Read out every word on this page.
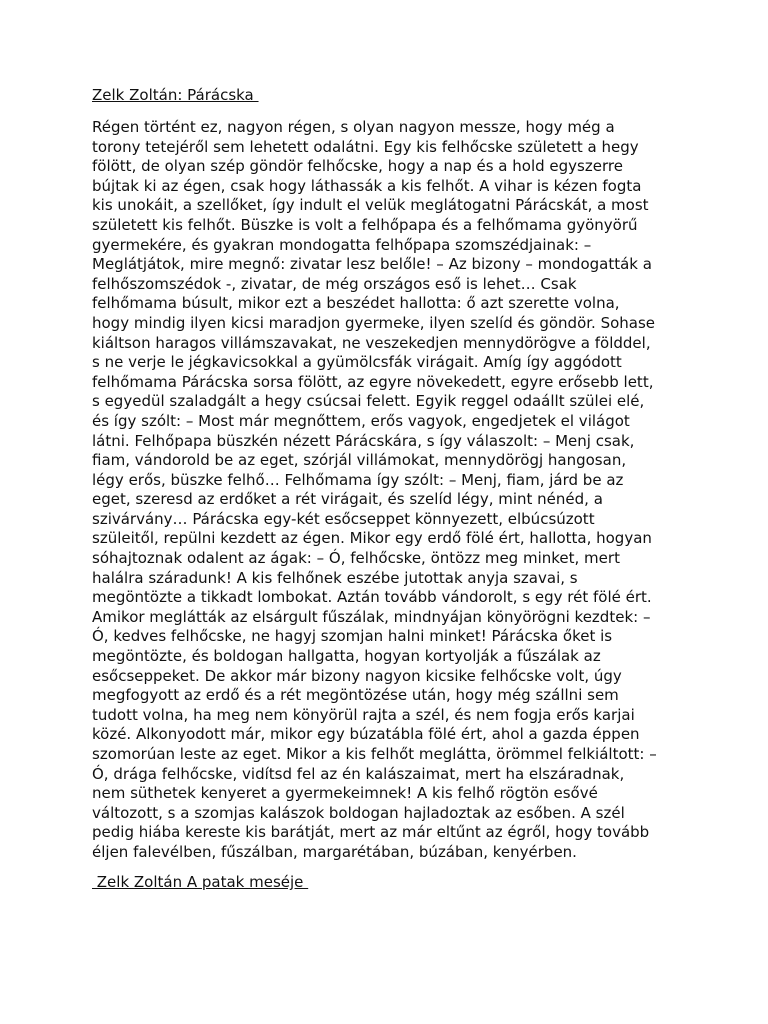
Zelk Zoltán: Párácska
Régen történt ez, nagyon régen, s olyan nagyon messze, hogy még a
torony tetejéről sem lehetett odalátni. Egy kis felhőcske született a hegy
fölött, de olyan szép göndör felhőcske, hogy a nap és a hold egyszerre
bújtak ki az égen, csak hogy láthassák a kis felhőt. A vihar is kézen fogta
kis unokáit, a szellőket, így indult el velük meglátogatni Párácskát, a most
született kis felhőt. Büszke is volt a felhőpapa és a felhőmama gyönyörű
gyermekére, és gyakran mondogatta felhőpapa szomszédjainak: –
Meglátjátok, mire megnő: zivatar lesz belőle! – Az bizony – mondogatták a
felhőszomszédok -, zivatar, de még országos eső is lehet… Csak
felhőmama búsult, mikor ezt a beszédet hallotta: ő azt szerette volna,
hogy mindig ilyen kicsi maradjon gyermeke, ilyen szelíd és göndör. Sohase
kiáltson haragos villámszavakat, ne veszekedjen mennydörögve a földdel,
s ne verje le jégkavicsokkal a gyümölcsfák virágait. Amíg így aggódott
felhőmama Párácska sorsa fölött, az egyre növekedett, egyre erősebb lett,
s egyedül szaladgált a hegy csúcsai felett. Egyik reggel odaállt szülei elé,
és így szólt: – Most már megnőttem, erős vagyok, engedjetek el világot
látni. Felhőpapa büszkén nézett Párácskára, s így válaszolt: – Menj csak,
fiam, vándorold be az eget, szórjál villámokat, mennydörögj hangosan,
légy erős, büszke felhő… Felhőmama így szólt: – Menj, fiam, járd be az
eget, szeresd az erdőket a rét virágait, és szelíd légy, mint nénéd, a
szivárvány… Párácska egy-két esőcseppet könnyezett, elbúcsúzott
szüleitől, repülni kezdett az égen. Mikor egy erdő fölé ért, hallotta, hogyan
sóhajtoznak odalent az ágak: – Ó, felhőcske, öntözz meg minket, mert
halálra száradunk! A kis felhőnek eszébe jutottak anyja szavai, s
megöntözte a tikkadt lombokat. Aztán tovább vándorolt, s egy rét fölé ért.
Amikor meglátták az elsárgult fűszálak, mindnyájan könyörögni kezdtek: –
Ó, kedves felhőcske, ne hagyj szomjan halni minket! Párácska őket is
megöntözte, és boldogan hallgatta, hogyan kortyolják a fűszálak az
esőcseppeket. De akkor már bizony nagyon kicsike felhőcske volt, úgy
megfogyott az erdő és a rét megöntözése után, hogy még szállni sem
tudott volna, ha meg nem könyörül rajta a szél, és nem fogja erős karjai
közé. Alkonyodott már, mikor egy búzatábla fölé ért, ahol a gazda éppen
szomorúan leste az eget. Mikor a kis felhőt meglátta, örömmel felkiáltott: –
Ó, drága felhőcske, vidítsd fel az én kalászaimat, mert ha elszáradnak,
nem süthetek kenyeret a gyermekeimnek! A kis felhő rögtön esővé
változott, s a szomjas kalászok boldogan hajladoztak az esőben. A szél
pedig hiába kereste kis barátját, mert az már eltűnt az égről, hogy tovább
éljen falevélben, fűszálban, margarétában, búzában, kenyérben.
Zelk Zoltán A patak meséje
